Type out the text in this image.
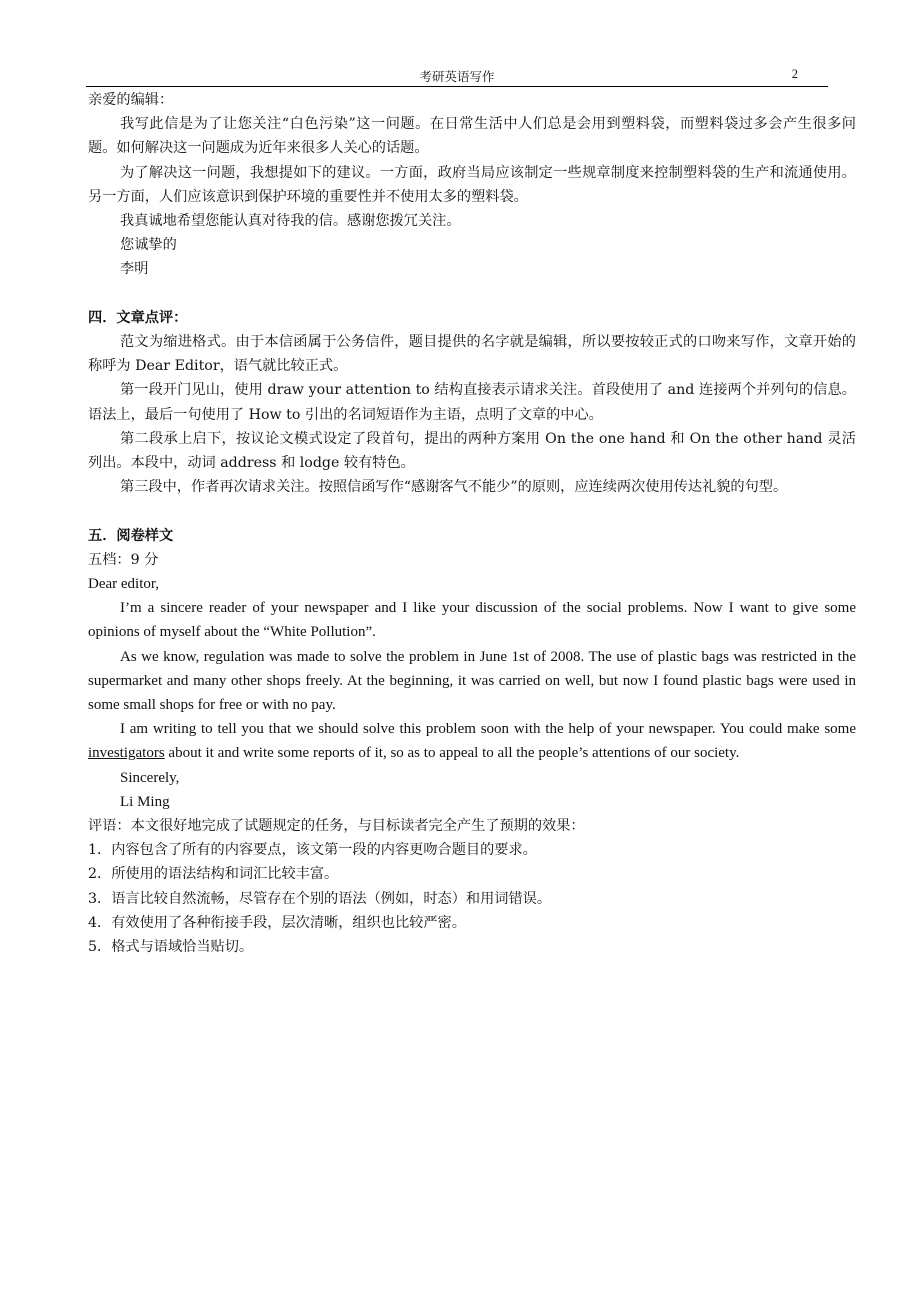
考研英语写作	2

亲爱的编辑：

我写此信是为了让您关注“白色污染”这一问题。在日常生活中人们总是会用到塑料袋，而塑料袋过多会产生很多问题。如何解决这一问题成为近年来很多人关心的话题。

为了解决这一问题，我想提如下的建议。一方面，政府当局应该制定一些规章制度来控制塑料袋的生产和流通使用。另一方面，人们应该意识到保护环境的重要性并不使用太多的塑料袋。

我真诚地希望您能认真对待我的信。感谢您拨冗关注。

您诚挚的

李明

四．文章点评：

范文为缩进格式。由于本信函属于公务信件，题目提供的名字就是编辑，所以要按较正式的口吻来写作，文章开始的称呼为 Dear Editor，语气就比较正式。

第一段开门见山，使用 draw your attention to 结构直接表示请求关注。首段使用了 and 连接两个并列句的信息。语法上，最后一句使用了 How to 引出的名词短语作为主语，点明了文章的中心。

第二段承上启下，按议论文模式设定了段首句，提出的两种方案用 On the one hand 和 On the other hand 灵活列出。本段中，动词 address 和 lodge 较有特色。

第三段中，作者再次请求关注。按照信函写作“感谢客气不能少”的原则，应连续两次使用传达礼貌的句型。

五．阅卷样文

五档：9 分

Dear editor,

I’m a sincere reader of your newspaper and I like your discussion of the social problems. Now I want to give some opinions of myself about the “White Pollution”.

As we know, regulation was made to solve the problem in June 1st of 2008. The use of plastic bags was restricted in the supermarket and many other shops freely. At the beginning, it was carried on well, but now I found plastic bags were used in some small shops for free or with no pay.

I am writing to tell you that we should solve this problem soon with the help of your newspaper. You could make some investigators about it and write some reports of it, so as to appeal to all the people’s attentions of our society.

Sincerely,

Li Ming

评语：本文很好地完成了试题规定的任务，与目标读者完全产生了预期的效果：

1．内容包含了所有的内容要点，该文第一段的内容更吻合题目的要求。

2．所使用的语法结构和词汇比较丰富。

3．语言比较自然流畅，尽管存在个别的语法（例如，时态）和用词错误。

4．有效使用了各种衔接手段，层次清晰，组织也比较严密。

5．格式与语域恰当贴切。
